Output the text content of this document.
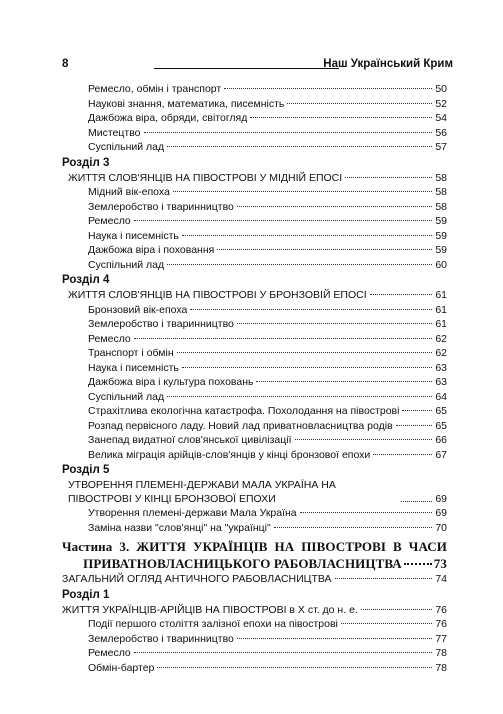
8	Наш Український Крим
Ремесло, обмін і транспорт	50
Наукові знання, математика, писемність	52
Дажбожа віра, обряди, світогляд	54
Мистецтво	56
Суспільний лад	57
Розділ 3
ЖИТТЯ СЛОВ'ЯНЦІВ НА ПІВОСТРОВІ У МІДНІЙ ЕПОСІ	58
Мідний вік-епоха	58
Землеробство і тваринництво	58
Ремесло	59
Наука і писемність	59
Дажбожа віра і поховання	59
Суспільний лад	60
Розділ 4
ЖИТТЯ СЛОВ'ЯНЦІВ НА ПІВОСТРОВІ У БРОНЗОВІЙ ЕПОСІ	61
Бронзовий вік-епоха	61
Землеробство і тваринництво	61
Ремесло	62
Транспорт і обмін	62
Наука і писемність	63
Дажбожа віра і культура поховань	63
Суспільний лад	64
Страхітлива екологічна катастрофа. Похолодання на півострові	65
Розпад первісного ладу. Новий лад приватновласництва родів	65
Занепад видатної слов'янської цивілізації	66
Велика міграція арійців-слов'янців у кінці бронзової епохи	67
Розділ 5
УТВОРЕННЯ ПЛЕМЕНІ-ДЕРЖАВИ МАЛА УКРАЇНА НА ПІВОСТРОВІ У КІНЦІ БРОНЗОВОЇ ЕПОХИ	69
Утворення племені-держави Мала Україна	69
Заміна назви "слов'янці" на "українці"	70
Частина 3. ЖИТТЯ УКРАЇНЦІВ НА ПІВОСТРОВІ В ЧАСИ
ПРИВАТНОВЛАСНИЦЬКОГО РАБОВЛАСНИЦТВА 73
ЗАГАЛЬНИЙ ОГЛЯД АНТИЧНОГО РАБОВЛАСНИЦТВА	74
Розділ 1
ЖИТТЯ УКРАЇНЦІВ-АРІЙЦІВ НА ПІВОСТРОВІ в X ст. до н. е.	76
Події першого століття залізної епохи на півострові	76
Землеробство і тваринництво	77
Ремесло	78
Обмін-бартер	78
